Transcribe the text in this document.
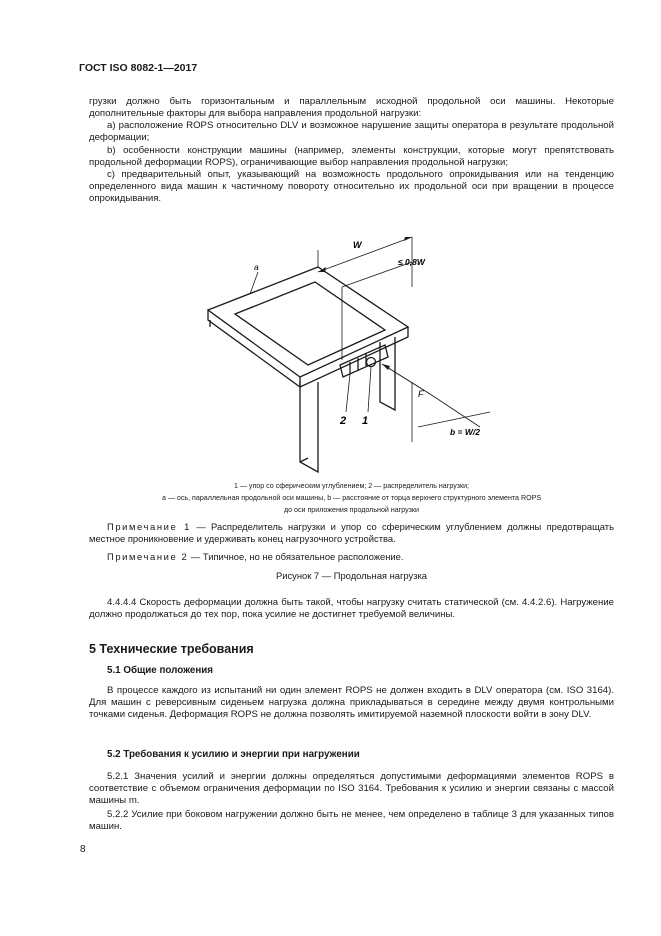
ГОСТ ISO 8082-1—2017
грузки должно быть горизонтальным и параллельным исходной продольной оси машины. Некоторые дополнительные факторы для выбора направления продольной нагрузки:
a) расположение ROPS относительно DLV и возможное нарушение защиты оператора в результате продольной деформации;
b) особенности конструкции машины (например, элементы конструкции, которые могут препятствовать продольной деформации ROPS), ограничивающие выбор направления продольной нагрузки;
c) предварительный опыт, указывающий на возможность продольного опрокидывания или на тенденцию определенного вида машин к частичному повороту относительно их продольной оси при вращении в процессе опрокидывания.
W
≤ 0,8W
a
F
b = W/2
1
2
1 — упор со сферическим углублением; 2 — распределитель нагрузки;
a — ось, параллельная продольной оси машины, b — расстояние от торца верхнего структурного элемента ROPS
до оси приложения продольной нагрузки
Примечание 1 — Распределитель нагрузки и упор со сферическим углублением должны предотвращать местное проникновение и удерживать конец нагрузочного устройства.
Примечание 2 — Типичное, но не обязательное расположение.
Рисунок 7 — Продольная нагрузка
4.4.4.4 Скорость деформации должна быть такой, чтобы нагрузку считать статической (см. 4.4.2.6). Нагружение должно продолжаться до тех пор, пока усилие не достигнет требуемой величины.
5 Технические требования
5.1 Общие положения
В процессе каждого из испытаний ни один элемент ROPS не должен входить в DLV оператора (см. ISO 3164). Для машин с реверсивным сиденьем нагрузка должна прикладываться в середине между двумя контрольными точками сиденья. Деформация ROPS не должна позволять имитируемой наземной плоскости войти в зону DLV.
5.2 Требования к усилию и энергии при нагружении
5.2.1 Значения усилий и энергии должны определяться допустимыми деформациями элементов ROPS в соответствие с объемом ограничения деформации по ISO 3164. Требования к усилию и энергии связаны с массой машины m.
5.2.2 Усилие при боковом нагружении должно быть не менее, чем определено в таблице 3 для указанных типов машин.
8
